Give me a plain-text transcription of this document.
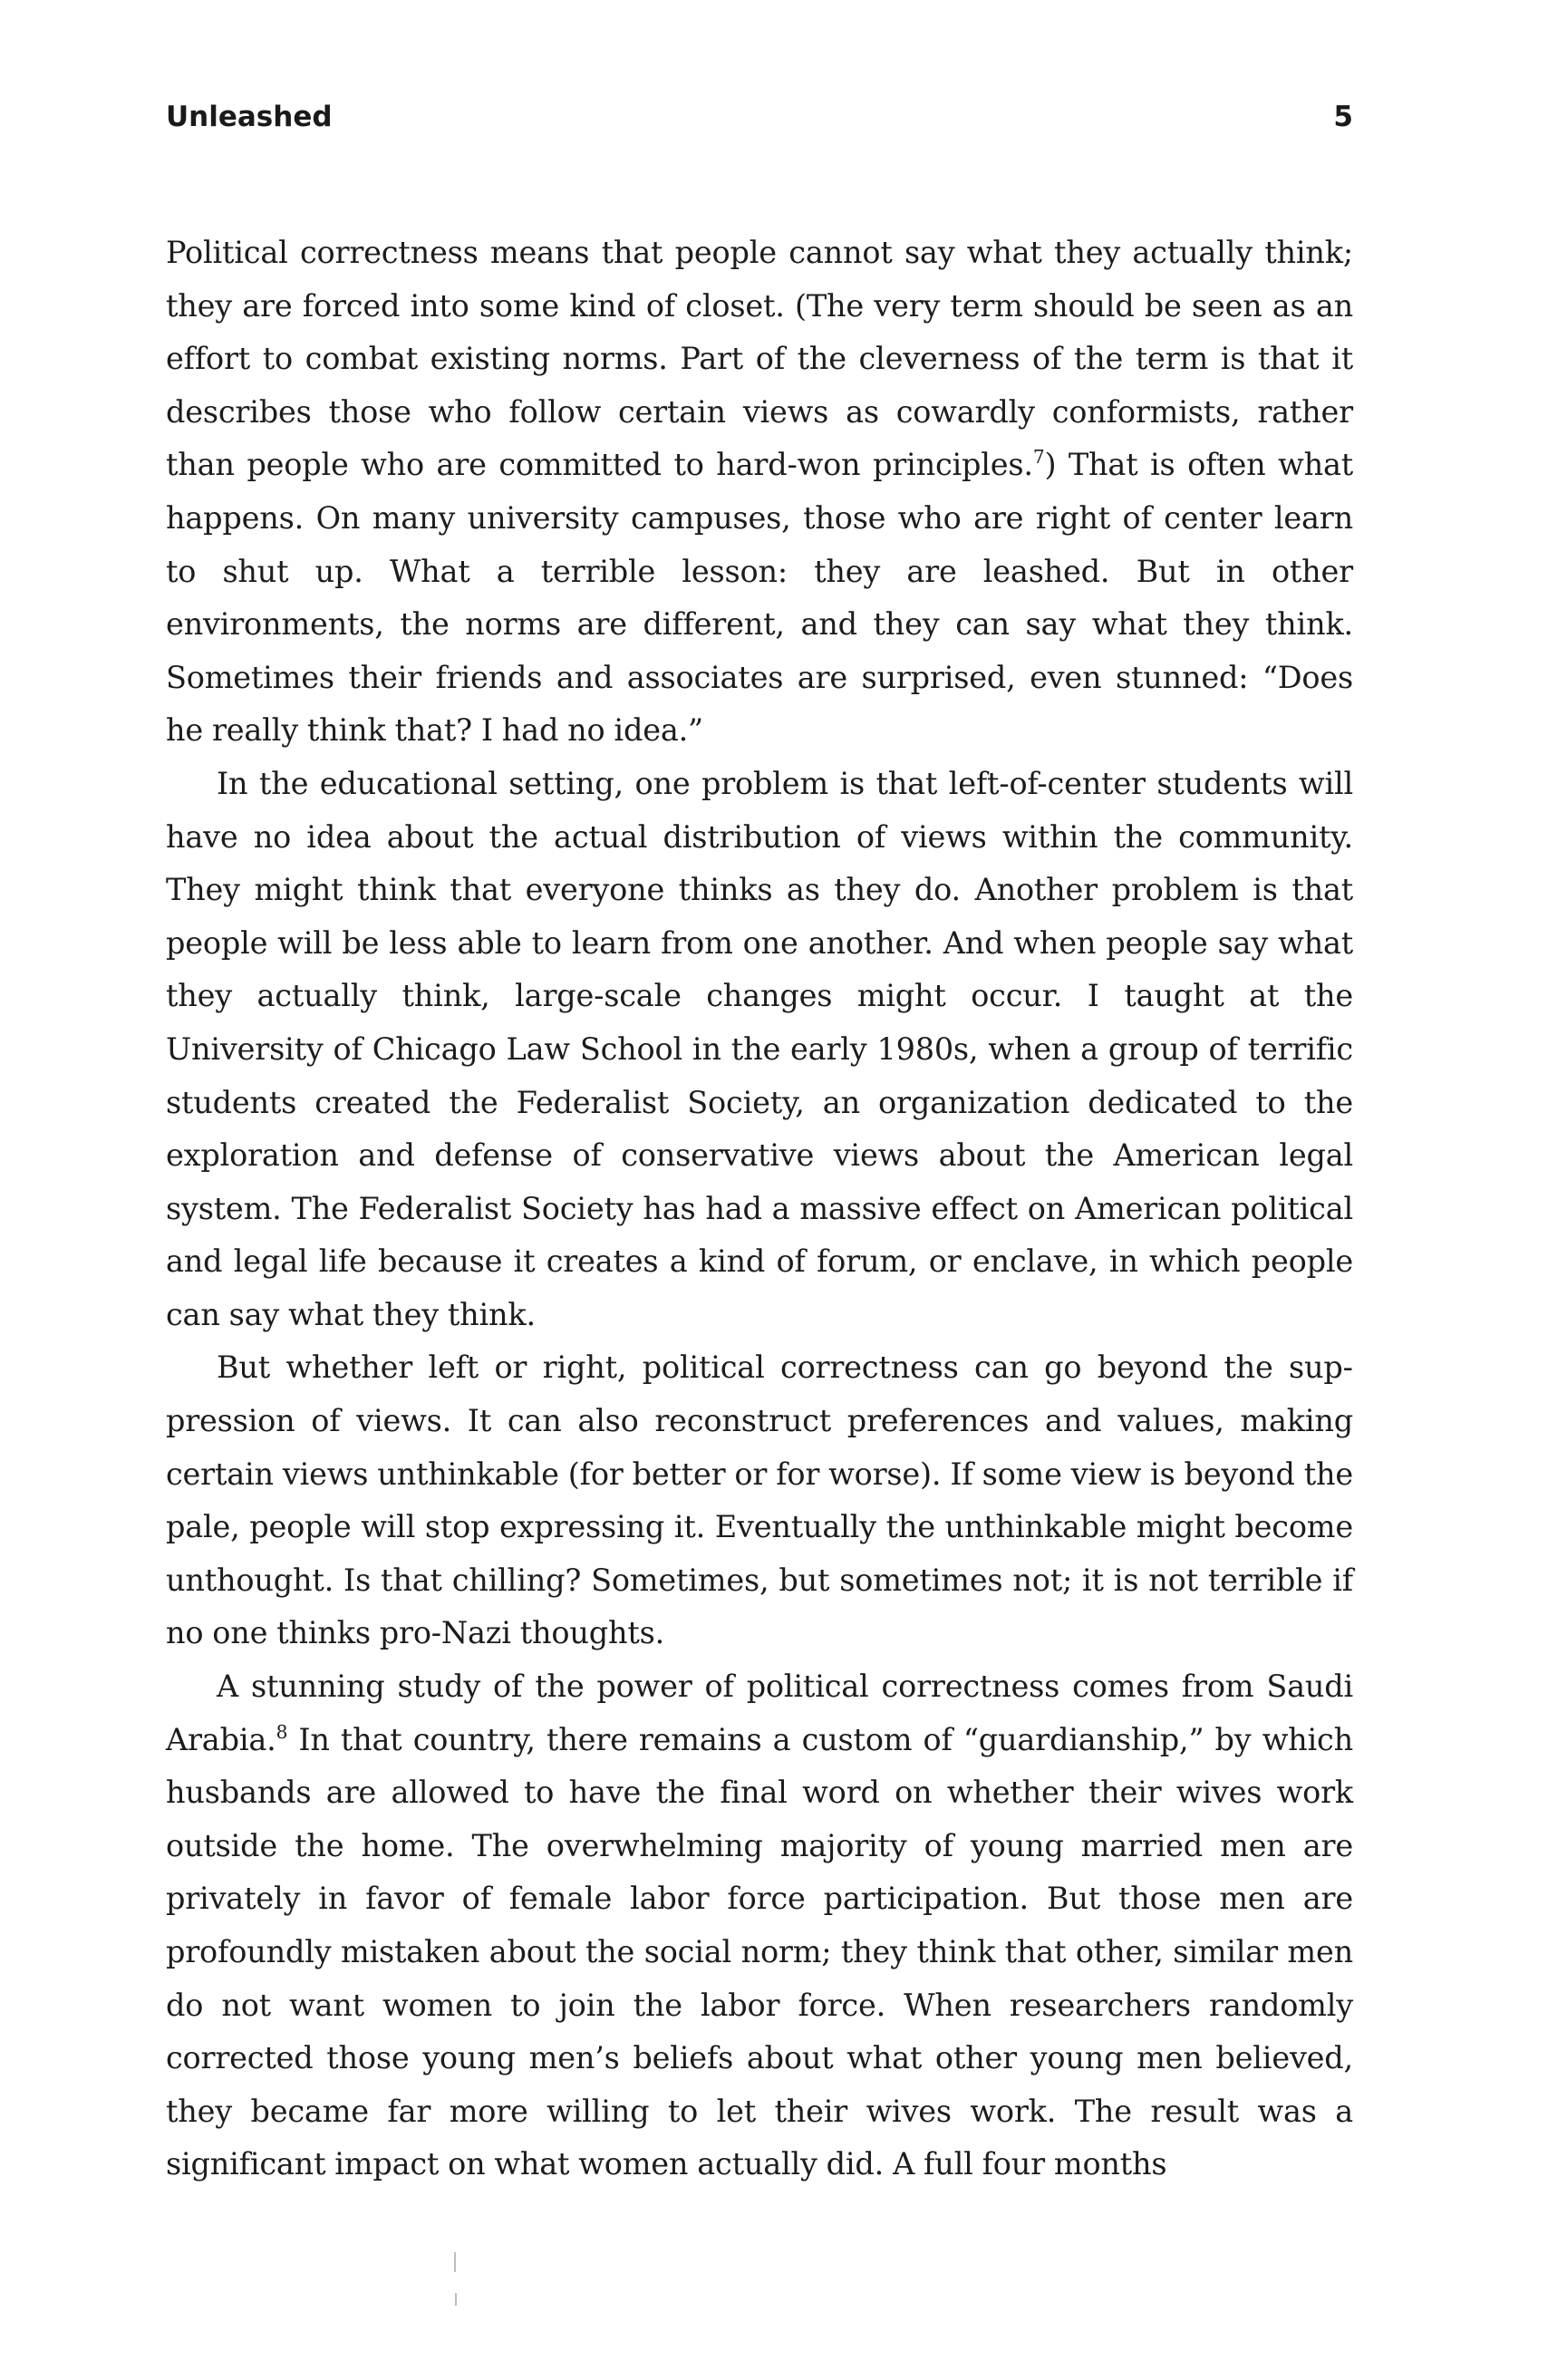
Unleashed	5

Political correctness means that people cannot say what they actually think; they are forced into some kind of closet. (The very term should be seen as an effort to combat existing norms. Part of the cleverness of the term is that it describes those who follow certain views as cowardly conformists, rather than people who are committed to hard-won principles.$^7$) That is often what happens. On many university campuses, those who are right of center learn to shut up. What a terrible lesson: they are leashed. But in other environments, the norms are different, and they can say what they think. Sometimes their friends and associates are surprised, even stunned: “Does he really think that? I had no idea.”

In the educational setting, one problem is that left-of-center students will have no idea about the actual distribution of views within the community. They might think that everyone thinks as they do. Another problem is that people will be less able to learn from one another. And when people say what they actually think, large-scale changes might occur. I taught at the University of Chicago Law School in the early 1980s, when a group of terrific students created the Federalist Society, an organization dedicated to the exploration and defense of conservative views about the American legal system. The Federalist Society has had a massive effect on American political and legal life because it creates a kind of forum, or enclave, in which people can say what they think.

But whether left or right, political correctness can go beyond the suppression of views. It can also reconstruct preferences and values, making certain views unthinkable (for better or for worse). If some view is beyond the pale, people will stop expressing it. Eventually the unthinkable might become unthought. Is that chilling? Sometimes, but sometimes not; it is not terrible if no one thinks pro-Nazi thoughts.

A stunning study of the power of political correctness comes from Saudi Arabia.$^8$ In that country, there remains a custom of “guardianship,” by which husbands are allowed to have the final word on whether their wives work outside the home. The overwhelming majority of young married men are privately in favor of female labor force participation. But those men are profoundly mistaken about the social norm; they think that other, similar men do not want women to join the labor force. When researchers randomly corrected those young men’s beliefs about what other young men believed, they became far more willing to let their wives work. The result was a significant impact on what women actually did. A full four months
